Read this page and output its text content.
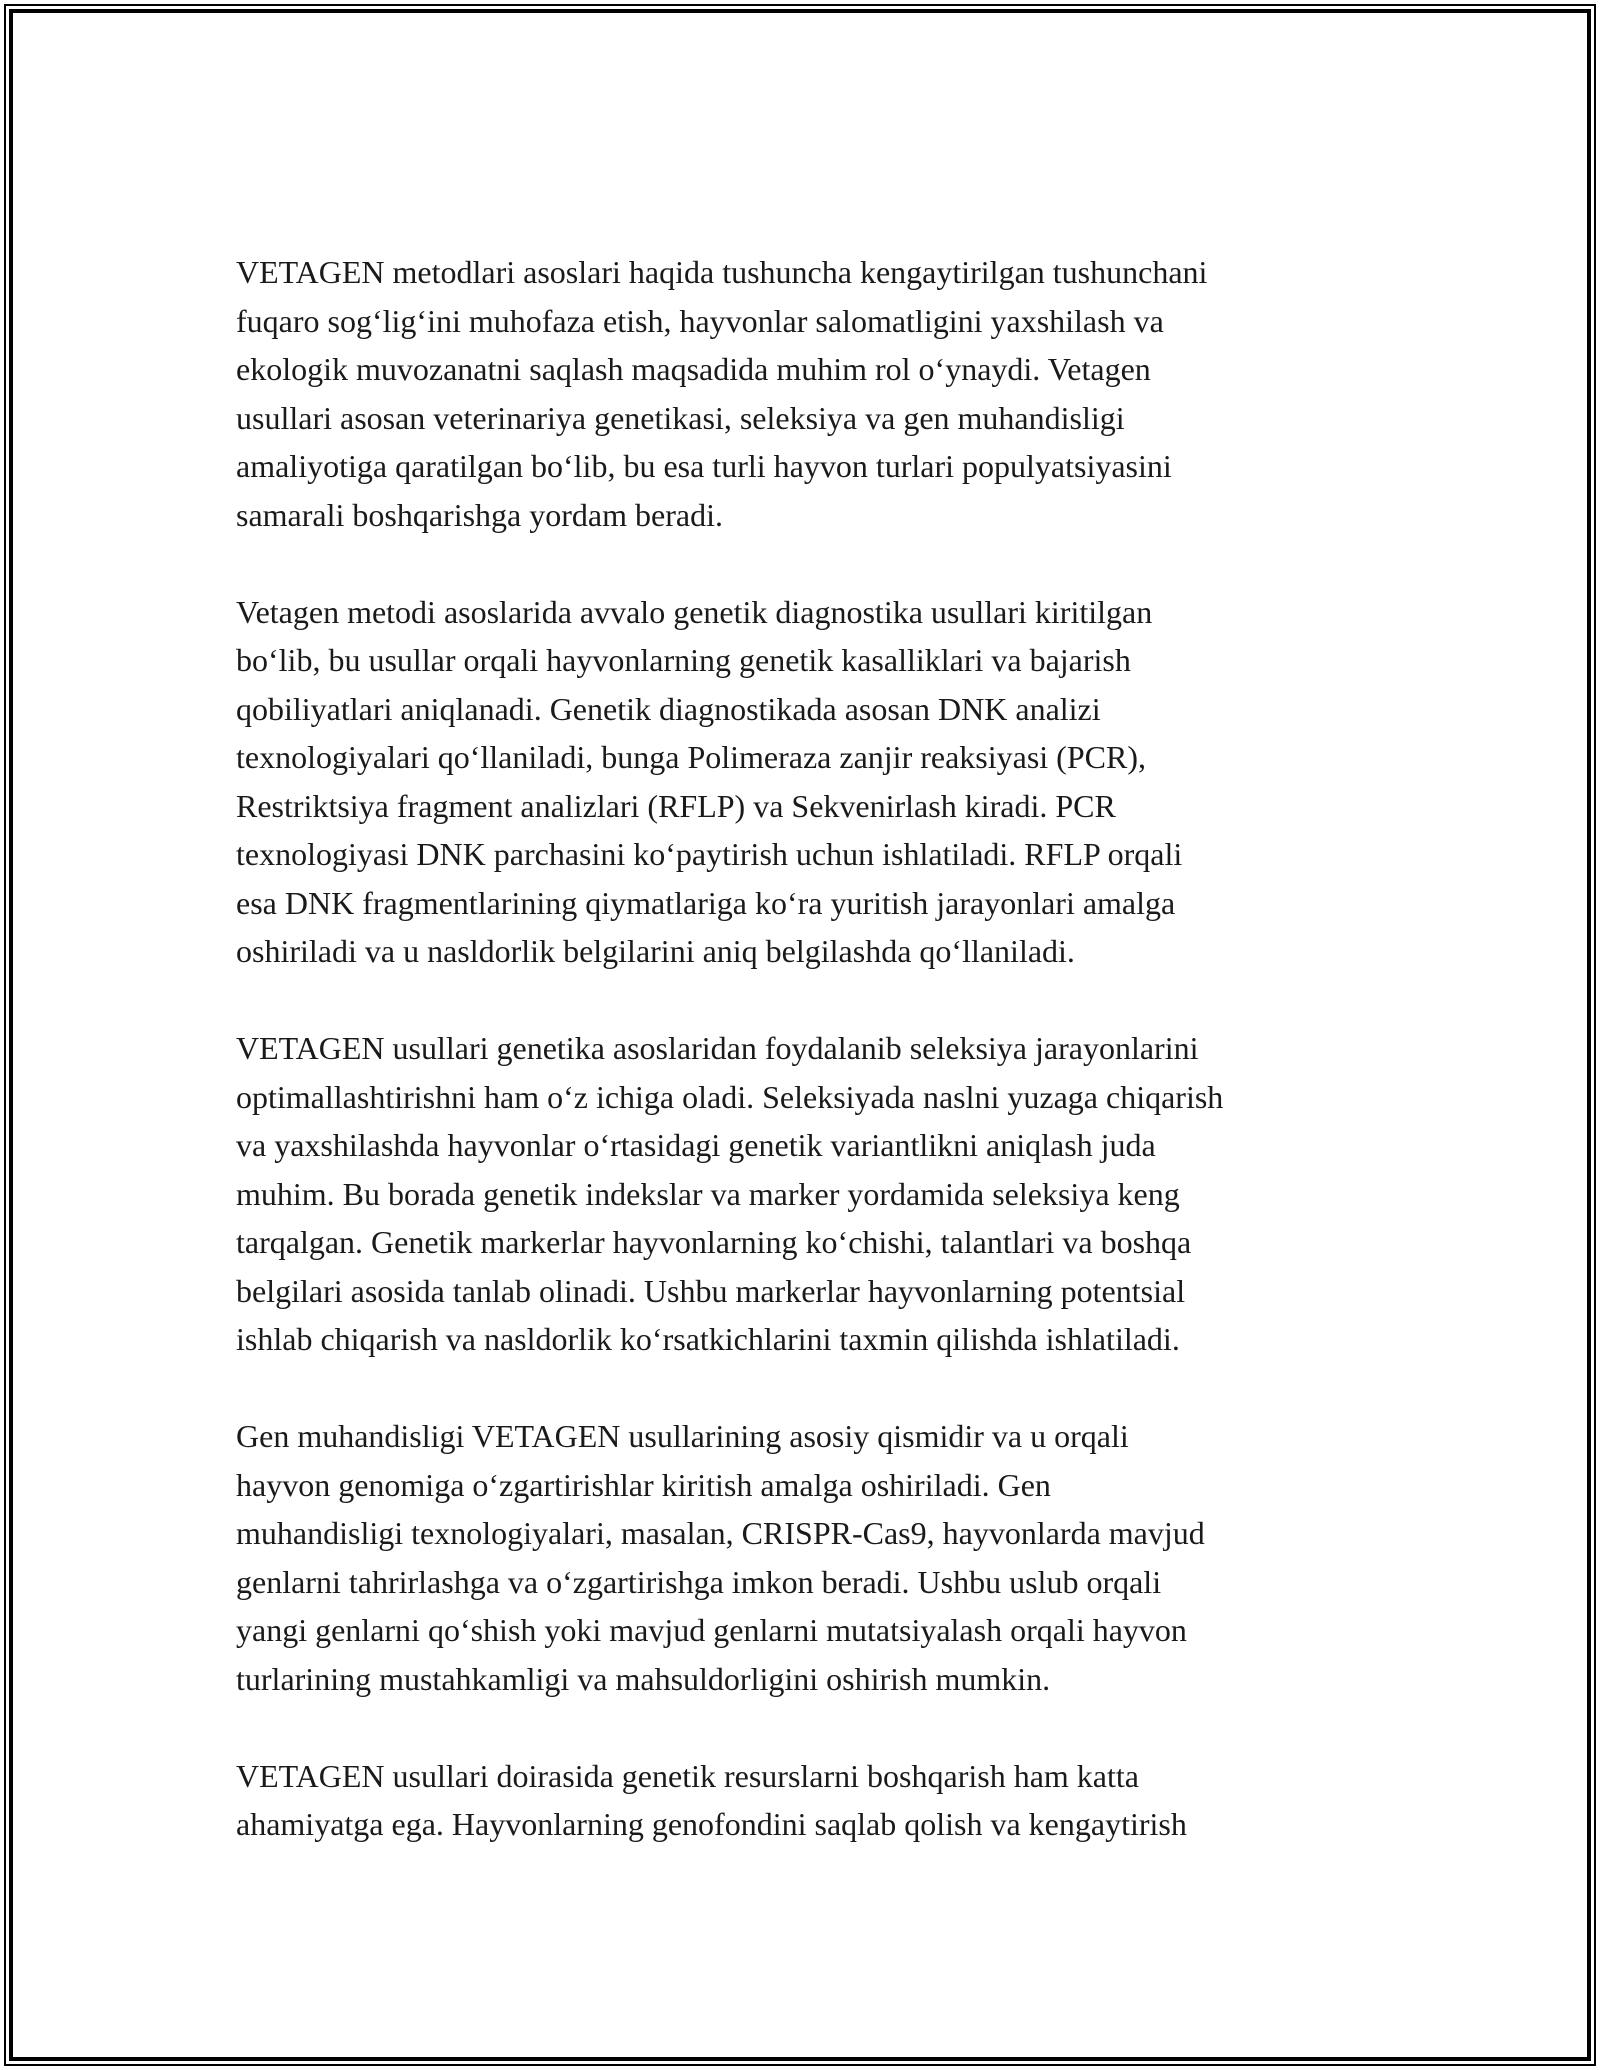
VETAGEN metodlari asoslari haqida tushuncha kengaytirilgan tushunchani
fuqaro sog‘lig‘ini muhofaza etish, hayvonlar salomatligini yaxshilash va
ekologik muvozanatni saqlash maqsadida muhim rol o‘ynaydi. Vetagen
usullari asosan veterinariya genetikasi, seleksiya va gen muhandisligi
amaliyotiga qaratilgan bo‘lib, bu esa turli hayvon turlari populyatsiyasini
samarali boshqarishga yordam beradi.

Vetagen metodi asoslarida avvalo genetik diagnostika usullari kiritilgan
bo‘lib, bu usullar orqali hayvonlarning genetik kasalliklari va bajarish
qobiliyatlari aniqlanadi. Genetik diagnostikada asosan DNK analizi
texnologiyalari qo‘llaniladi, bunga Polimeraza zanjir reaksiyasi (PCR),
Restriktsiya fragment analizlari (RFLP) va Sekvenirlash kiradi. PCR
texnologiyasi DNK parchasini ko‘paytirish uchun ishlatiladi. RFLP orqali
esa DNK fragmentlarining qiymatlariga ko‘ra yuritish jarayonlari amalga
oshiriladi va u nasldorlik belgilarini aniq belgilashda qo‘llaniladi.

VETAGEN usullari genetika asoslaridan foydalanib seleksiya jarayonlarini
optimallashtirishni ham o‘z ichiga oladi. Seleksiyada naslni yuzaga chiqarish
va yaxshilashda hayvonlar o‘rtasidagi genetik variantlikni aniqlash juda
muhim. Bu borada genetik indekslar va marker yordamida seleksiya keng
tarqalgan. Genetik markerlar hayvonlarning ko‘chishi, talantlari va boshqa
belgilari asosida tanlab olinadi. Ushbu markerlar hayvonlarning potentsial
ishlab chiqarish va nasldorlik ko‘rsatkichlarini taxmin qilishda ishlatiladi.

Gen muhandisligi VETAGEN usullarining asosiy qismidir va u orqali
hayvon genomiga o‘zgartirishlar kiritish amalga oshiriladi. Gen
muhandisligi texnologiyalari, masalan, CRISPR-Cas9, hayvonlarda mavjud
genlarni tahrirlashga va o‘zgartirishga imkon beradi. Ushbu uslub orqali
yangi genlarni qo‘shish yoki mavjud genlarni mutatsiyalash orqali hayvon
turlarining mustahkamligi va mahsuldorligini oshirish mumkin.

VETAGEN usullari doirasida genetik resurslarni boshqarish ham katta
ahamiyatga ega. Hayvonlarning genofondini saqlab qolish va kengaytirish
